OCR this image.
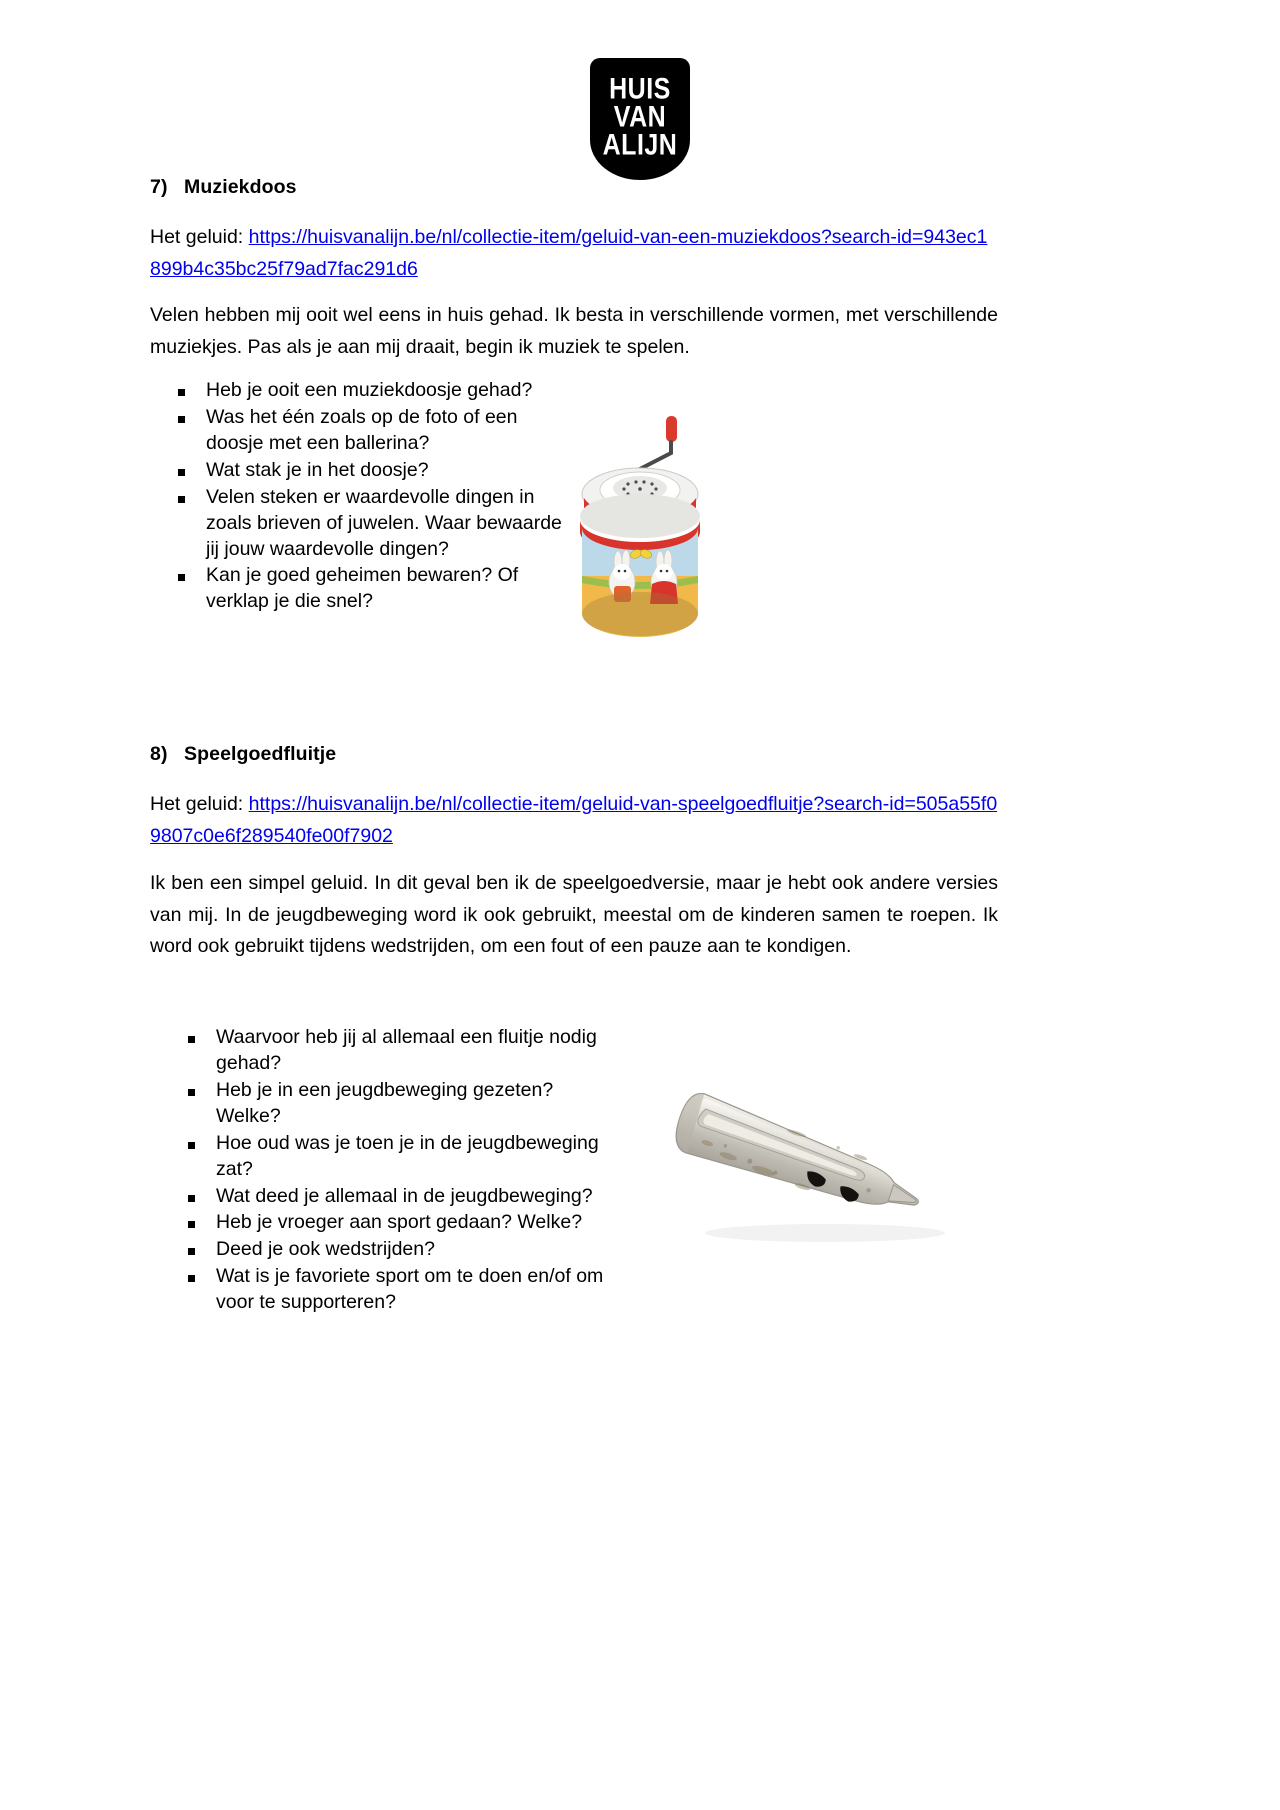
HUIS
VAN
ALIJN
7) Muziekdoos

Het geluid: https://huisvanalijn.be/nl/collectie-item/geluid-van-een-muziekdoos?search-id=943ec1899b4c35bc25f79ad7fac291d6

Velen hebben mij ooit wel eens in huis gehad. Ik besta in verschillende vormen, met verschillende muziekjes. Pas als je aan mij draait, begin ik muziek te spelen.

Heb je ooit een muziekdoosje gehad?
Was het één zoals op de foto of een doosje met een ballerina?
Wat stak je in het doosje?
Velen steken er waardevolle dingen in zoals brieven of juwelen. Waar bewaarde jij jouw waardevolle dingen?
Kan je goed geheimen bewaren? Of verklap je die snel?
8) Speelgoedfluitje

Het geluid: https://huisvanalijn.be/nl/collectie-item/geluid-van-speelgoedfluitje?search-id=505a55f09807c0e6f289540fe00f7902

Ik ben een simpel geluid. In dit geval ben ik de speelgoedversie, maar je hebt ook andere versies van mij. In de jeugdbeweging word ik ook gebruikt, meestal om de kinderen samen te roepen. Ik word ook gebruikt tijdens wedstrijden, om een fout of een pauze aan te kondigen.

Waarvoor heb jij al allemaal een fluitje nodig gehad?
Heb je in een jeugdbeweging gezeten? Welke?
Hoe oud was je toen je in de jeugdbeweging zat?
Wat deed je allemaal in de jeugdbeweging?
Heb je vroeger aan sport gedaan? Welke?
Deed je ook wedstrijden?
Wat is je favoriete sport om te doen en/of om voor te supporteren?
